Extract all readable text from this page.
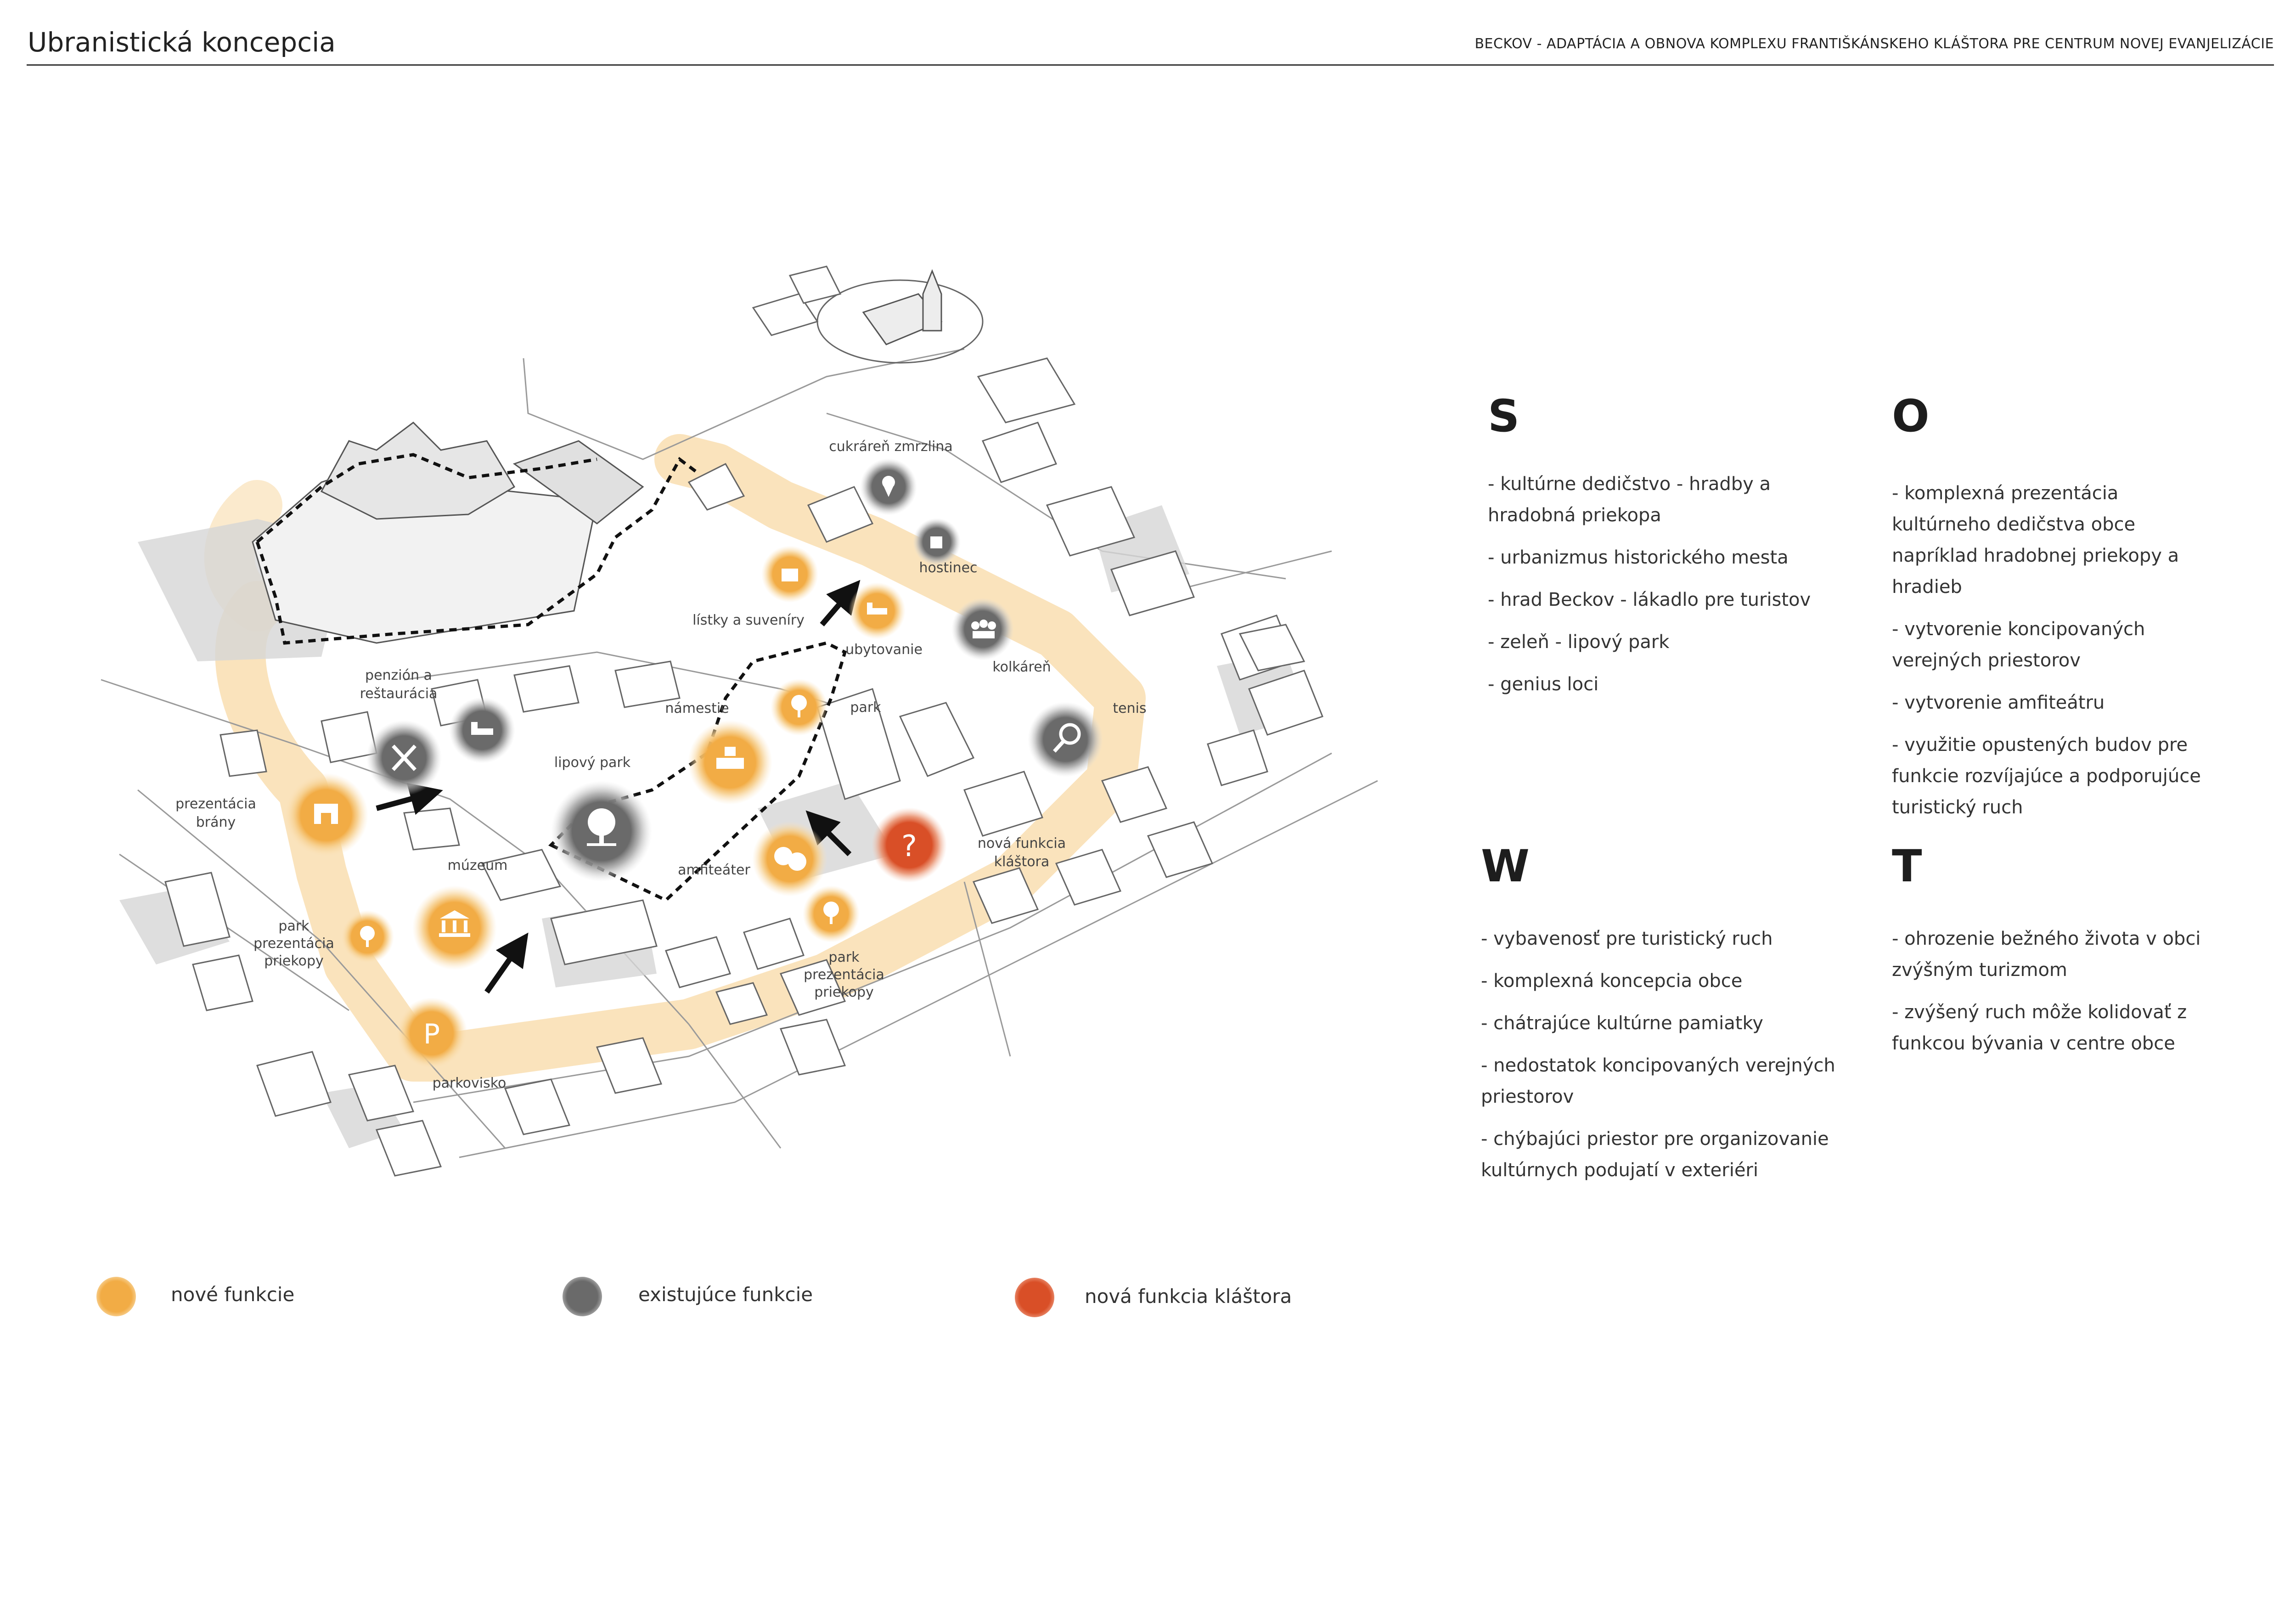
Ubranistická koncepcia	BECKOV - ADAPTÁCIA A OBNOVA KOMPLEXU FRANTIŠKÁNSKEHO KLÁŠTORA PRE CENTRUM NOVEJ EVANJELIZÁCIE
P
?
cukráreň zmrzlina
hostinec
lístky a suveníry
ubytovanie
kolkáreň
tenis
penzión a
reštaurácia
námestie	park
lipový park
prezentácia
brány
múzeum	amfiteáter
nová funkcia
kláštora
park
prezentácia
priekopy	park
prezentácia
priekopy
parkovisko
S
- kultúrne dedičstvo - hradby a hradobná priekopa
- urbanizmus historického mesta
- hrad Beckov - lákadlo pre turistov
- zeleň - lipový park
- genius loci
O
- komplexná prezentácia kultúrneho dedičstva obce napríklad hradobnej priekopy a hradieb
- vytvorenie koncipovaných verejných priestorov
- vytvorenie amfiteátru
- využitie opustených budov pre funkcie rozvíjajúce a podporujúce turistický ruch
W
- vybavenosť pre turistický ruch
- komplexná koncepcia obce
- chátrajúce kultúrne pamiatky
- nedostatok koncipovaných verejných priestorov
- chýbajúci priestor pre organizovanie kultúrnych podujatí v exteriéri
T
- ohrozenie bežného života v obci zvýšným turizmom
- zvýšený ruch môže kolidovať z funkcou bývania v centre obce
nové funkcie	existujúce funkcie	nová funkcia kláštora
